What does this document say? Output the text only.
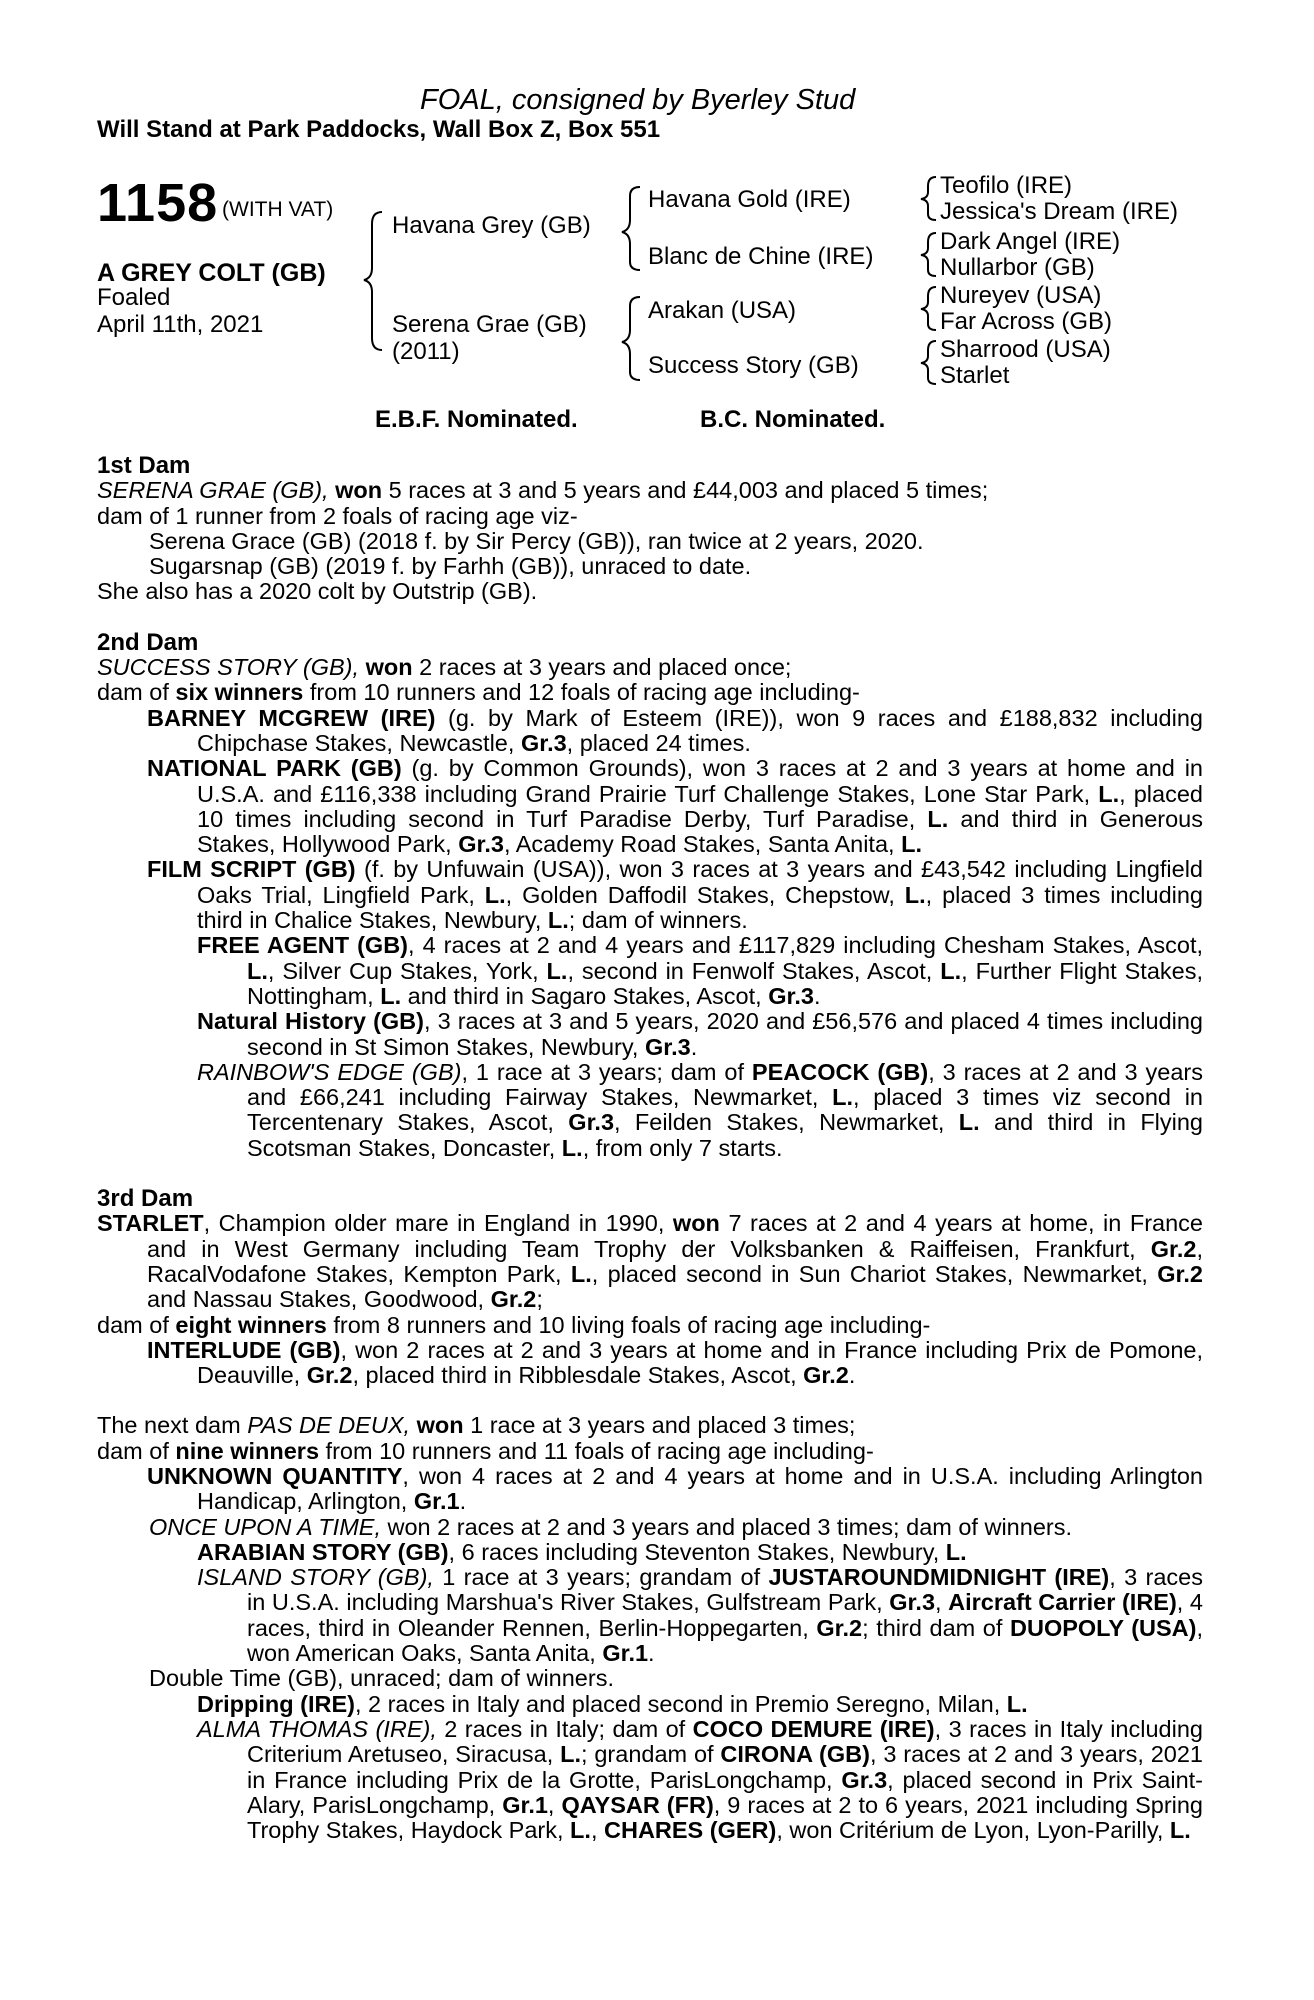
FOAL, consigned by Byerley Stud
Will Stand at Park Paddocks, Wall Box Z, Box 551
1158 (WITH VAT)
A GREY COLT (GB)
Foaled
April 11th, 2021
Havana Grey (GB)
Serena Grae (GB)
(2011)
Havana Gold (IRE)
Blanc de Chine (IRE)
Arakan (USA)
Success Story (GB)
Teofilo (IRE)
Jessica's Dream (IRE)
Dark Angel (IRE)
Nullarbor (GB)
Nureyev (USA)
Far Across (GB)
Sharrood (USA)
Starlet
E.B.F. Nominated.	B.C. Nominated.

1st Dam

SERENA GRAE (GB), won 5 races at 3 and 5 years and £44,003 and placed 5 times;

dam of 1 runner from 2 foals of racing age viz-

Serena Grace (GB) (2018 f. by Sir Percy (GB)), ran twice at 2 years, 2020.

Sugarsnap (GB) (2019 f. by Farhh (GB)), unraced to date.

She also has a 2020 colt by Outstrip (GB).

2nd Dam

SUCCESS STORY (GB), won 2 races at 3 years and placed once;

dam of six winners from 10 runners and 12 foals of racing age including-

BARNEY MCGREW (IRE) (g. by Mark of Esteem (IRE)), won 9 races and £188,832 including Chipchase Stakes, Newcastle, Gr.3, placed 24 times.

NATIONAL PARK (GB) (g. by Common Grounds), won 3 races at 2 and 3 years at home and in U.S.A. and £116,338 including Grand Prairie Turf Challenge Stakes, Lone Star Park, L., placed 10 times including second in Turf Paradise Derby, Turf Paradise, L. and third in Generous Stakes, Hollywood Park, Gr.3, Academy Road Stakes, Santa Anita, L.

FILM SCRIPT (GB) (f. by Unfuwain (USA)), won 3 races at 3 years and £43,542 including Lingfield Oaks Trial, Lingfield Park, L., Golden Daffodil Stakes, Chepstow, L., placed 3 times including third in Chalice Stakes, Newbury, L.; dam of winners.

FREE AGENT (GB), 4 races at 2 and 4 years and £117,829 including Chesham Stakes, Ascot, L., Silver Cup Stakes, York, L., second in Fenwolf Stakes, Ascot, L., Further Flight Stakes, Nottingham, L. and third in Sagaro Stakes, Ascot, Gr.3.

Natural History (GB), 3 races at 3 and 5 years, 2020 and £56,576 and placed 4 times including second in St Simon Stakes, Newbury, Gr.3.

RAINBOW'S EDGE (GB), 1 race at 3 years; dam of PEACOCK (GB), 3 races at 2 and 3 years and £66,241 including Fairway Stakes, Newmarket, L., placed 3 times viz second in Tercentenary Stakes, Ascot, Gr.3, Feilden Stakes, Newmarket, L. and third in Flying Scotsman Stakes, Doncaster, L., from only 7 starts.

3rd Dam

STARLET, Champion older mare in England in 1990, won 7 races at 2 and 4 years at home, in France and in West Germany including Team Trophy der Volksbanken & Raiffeisen, Frankfurt, Gr.2, RacalVodafone Stakes, Kempton Park, L., placed second in Sun Chariot Stakes, Newmarket, Gr.2 and Nassau Stakes, Goodwood, Gr.2;

dam of eight winners from 8 runners and 10 living foals of racing age including-

INTERLUDE (GB), won 2 races at 2 and 3 years at home and in France including Prix de Pomone, Deauville, Gr.2, placed third in Ribblesdale Stakes, Ascot, Gr.2.

The next dam PAS DE DEUX, won 1 race at 3 years and placed 3 times;

dam of nine winners from 10 runners and 11 foals of racing age including-

UNKNOWN QUANTITY, won 4 races at 2 and 4 years at home and in U.S.A. including Arlington Handicap, Arlington, Gr.1.

ONCE UPON A TIME, won 2 races at 2 and 3 years and placed 3 times; dam of winners.

ARABIAN STORY (GB), 6 races including Steventon Stakes, Newbury, L.

ISLAND STORY (GB), 1 race at 3 years; grandam of JUSTAROUNDMIDNIGHT (IRE), 3 races in U.S.A. including Marshua's River Stakes, Gulfstream Park, Gr.3, Aircraft Carrier (IRE), 4 races, third in Oleander Rennen, Berlin-Hoppegarten, Gr.2; third dam of DUOPOLY (USA), won American Oaks, Santa Anita, Gr.1.

Double Time (GB), unraced; dam of winners.

Dripping (IRE), 2 races in Italy and placed second in Premio Seregno, Milan, L.

ALMA THOMAS (IRE), 2 races in Italy; dam of COCO DEMURE (IRE), 3 races in Italy including Criterium Aretuseo, Siracusa, L.; grandam of CIRONA (GB), 3 races at 2 and 3 years, 2021 in France including Prix de la Grotte, ParisLongchamp, Gr.3, placed second in Prix Saint-Alary, ParisLongchamp, Gr.1, QAYSAR (FR), 9 races at 2 to 6 years, 2021 including Spring Trophy Stakes, Haydock Park, L., CHARES (GER), won Critérium de Lyon, Lyon-Parilly, L.
